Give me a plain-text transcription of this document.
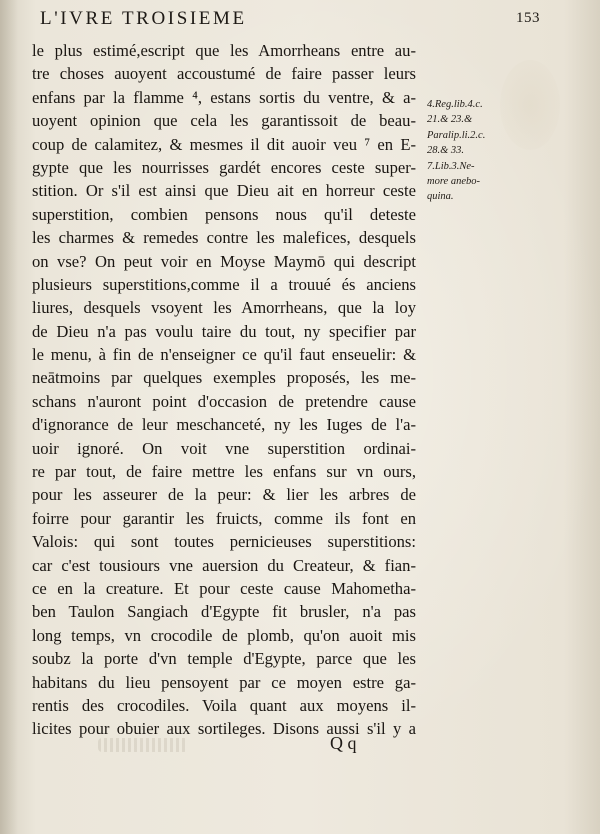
L'IVRE TROISIEME	153
le plus estimé,escript que les Amorrheans entre au-
tre choses auoyent accoustumé de faire passer leurs
enfans par la flamme ⁴, estans sortis du ventre, & a-
uoyent opinion que cela les garantissoit de beau-
coup de calamitez, & mesmes il dit auoir veu ⁷ en E-
gypte que les nourrisses gardét encores ceste super-
stition. Or s'il est ainsi que Dieu ait en horreur ceste
superstition, combien pensons nous qu'il deteste
les charmes & remedes contre les malefices, desquels
on vse? On peut voir en Moyse Maymō qui descript
plusieurs superstitions,comme il a trouué és anciens
liures, desquels vsoyent les Amorrheans, que la loy
de Dieu n'a pas voulu taire du tout, ny specifier par
le menu, à fin de n'enseigner ce qu'il faut enseuelir: &
neātmoins par quelques exemples proposés, les me-
schans n'auront point d'occasion de pretendre cause
d'ignorance de leur meschanceté, ny les Iuges de l'a-
uoir ignoré. On voit vne superstition ordinai-
re par tout, de faire mettre les enfans sur vn ours,
pour les asseurer de la peur: & lier les arbres de
foirre pour garantir les fruicts, comme ils font en
Valois: qui sont toutes pernicieuses superstitions:
car c'est tousiours vne auersion du Createur, & fian-
ce en la creature. Et pour ceste cause Mahometha-
ben Taulon Sangiach d'Egypte fit brusler, n'a pas
long temps, vn crocodile de plomb, qu'on auoit mis
soubz la porte d'vn temple d'Egypte, parce que les
habitans du lieu pensoyent par ce moyen estre ga-
rentis des crocodiles. Voila quant aux moyens il-
licites pour obuier aux sortileges. Disons aussi s'il y a
4.Reg.lib.4.c.
21.& 23.&
Paralip.li.2.c.
28.& 33.
7.Lib.3.Ne-
more anebo-
quina.
Q q
